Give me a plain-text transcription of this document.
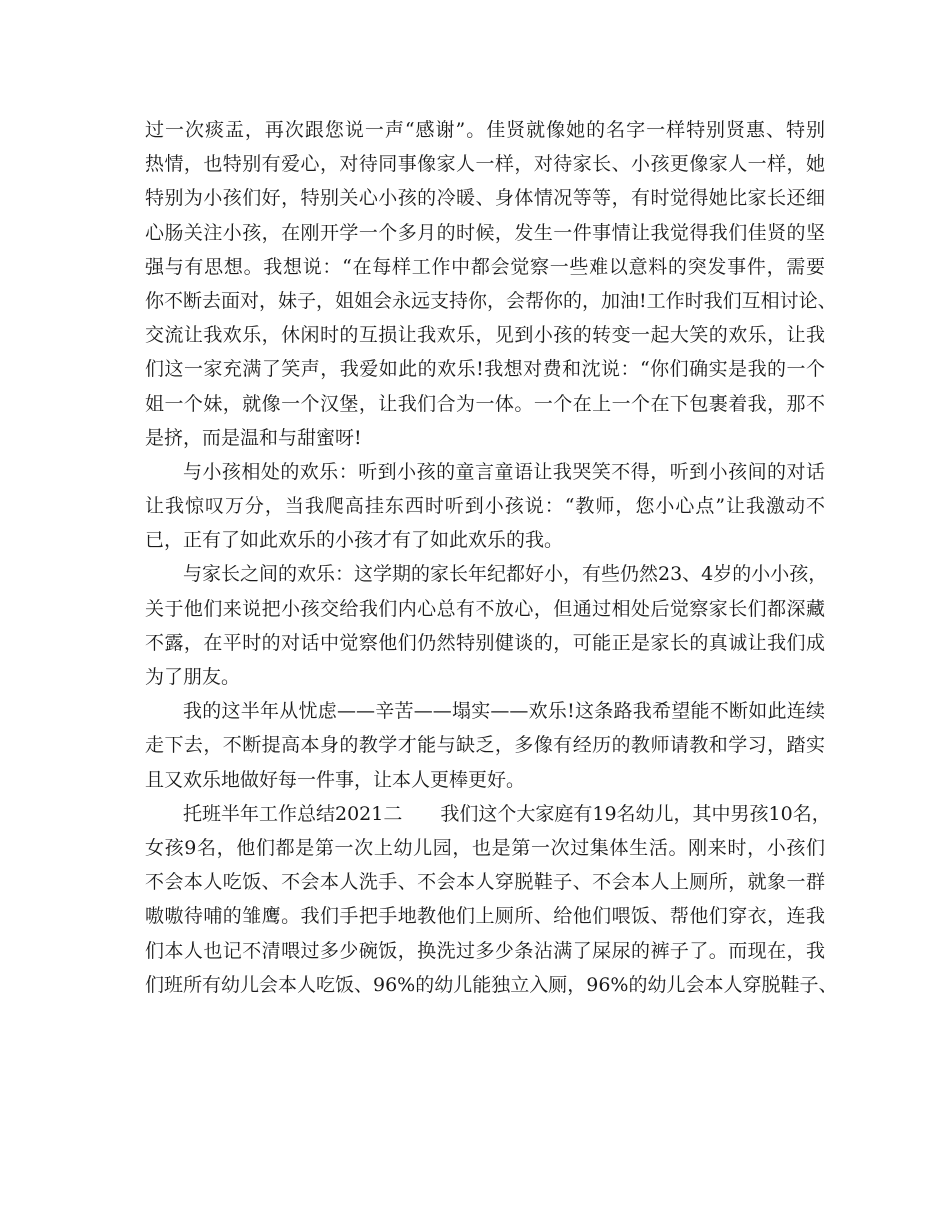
过一次痰盂，再次跟您说一声“感谢”。佳贤就像她的名字一样特别贤惠、特别
热情，也特别有爱心，对待同事像家人一样，对待家长、小孩更像家人一样，她
特别为小孩们好，特别关心小孩的冷暖、身体情况等等，有时觉得她比家长还细
心肠关注小孩，在刚开学一个多月的时候，发生一件事情让我觉得我们佳贤的坚
强与有思想。我想说：“在每样工作中都会觉察一些难以意料的突发事件，需要
你不断去面对，妹子，姐姐会永远支持你，会帮你的，加油!工作时我们互相讨论、
交流让我欢乐，休闲时的互损让我欢乐，见到小孩的转变一起大笑的欢乐，让我
们这一家充满了笑声，我爱如此的欢乐!我想对费和沈说：“你们确实是我的一个
姐一个妹，就像一个汉堡，让我们合为一体。一个在上一个在下包裹着我，那不
是挤，而是温和与甜蜜呀!
与小孩相处的欢乐：听到小孩的童言童语让我哭笑不得，听到小孩间的对话
让我惊叹万分，当我爬高挂东西时听到小孩说：“教师，您小心点”让我激动不
已，正有了如此欢乐的小孩才有了如此欢乐的我。
与家长之间的欢乐：这学期的家长年纪都好小，有些仍然23、4岁的小小孩，
关于他们来说把小孩交给我们内心总有不放心，但通过相处后觉察家长们都深藏
不露，在平时的对话中觉察他们仍然特别健谈的，可能正是家长的真诚让我们成
为了朋友。
我的这半年从忧虑——辛苦——塌实——欢乐!这条路我希望能不断如此连续
走下去，不断提高本身的教学才能与缺乏，多像有经历的教师请教和学习，踏实
且又欢乐地做好每一件事，让本人更棒更好。
托班半年工作总结2021二　　我们这个大家庭有19名幼儿，其中男孩10名，
女孩9名，他们都是第一次上幼儿园，也是第一次过集体生活。刚来时，小孩们
不会本人吃饭、不会本人洗手、不会本人穿脱鞋子、不会本人上厕所，就象一群
嗷嗷待哺的雏鹰。我们手把手地教他们上厕所、给他们喂饭、帮他们穿衣，连我
们本人也记不清喂过多少碗饭，换洗过多少条沾满了屎尿的裤子了。而现在，我
们班所有幼儿会本人吃饭、96%的幼儿能独立入厕，96%的幼儿会本人穿脱鞋子、
